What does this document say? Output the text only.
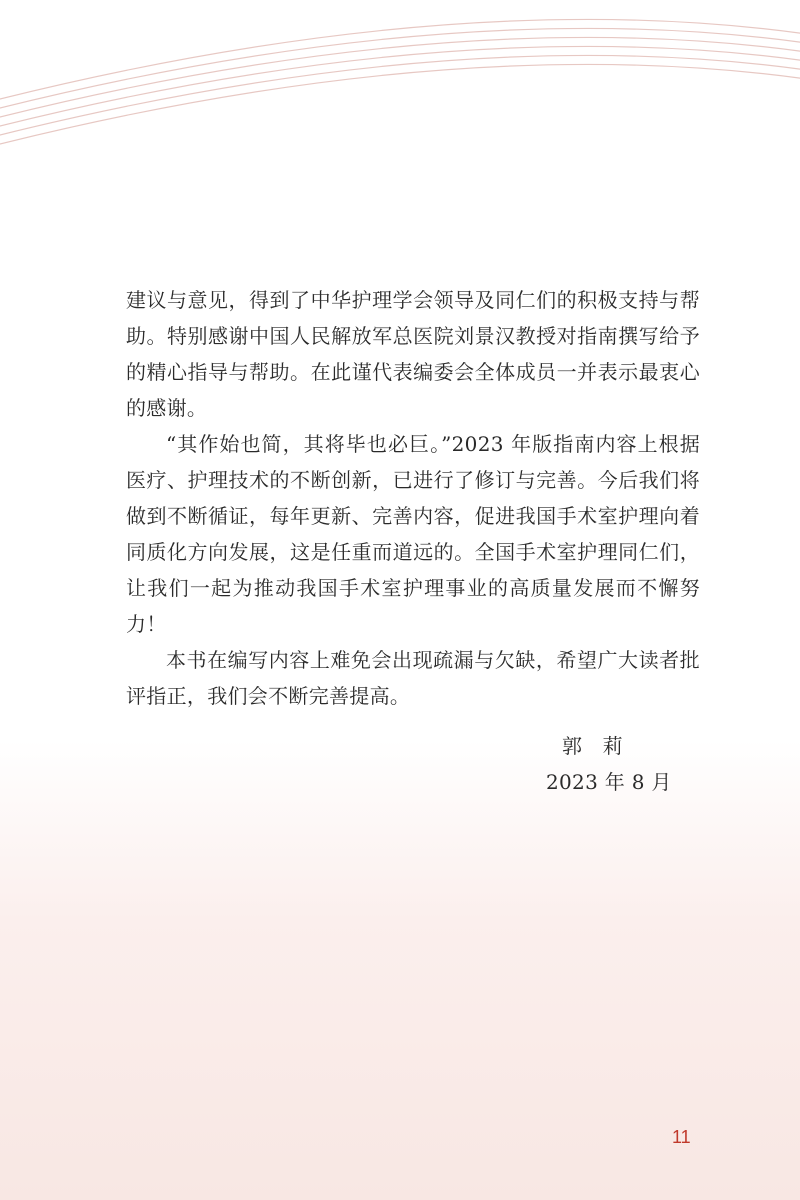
建议与意见，得到了中华护理学会领导及同仁们的积极支持与帮助。特别感谢中国人民解放军总医院刘景汉教授对指南撰写给予的精心指导与帮助。在此谨代表编委会全体成员一并表示最衷心的感谢。

“其作始也简，其将毕也必巨。”2023 年版指南内容上根据医疗、护理技术的不断创新，已进行了修订与完善。今后我们将做到不断循证，每年更新、完善内容，促进我国手术室护理向着同质化方向发展，这是任重而道远的。全国手术室护理同仁们，让我们一起为推动我国手术室护理事业的高质量发展而不懈努力！

本书在编写内容上难免会出现疏漏与欠缺，希望广大读者批评指正，我们会不断完善提高。

郭　莉
2023 年 8 月
11
